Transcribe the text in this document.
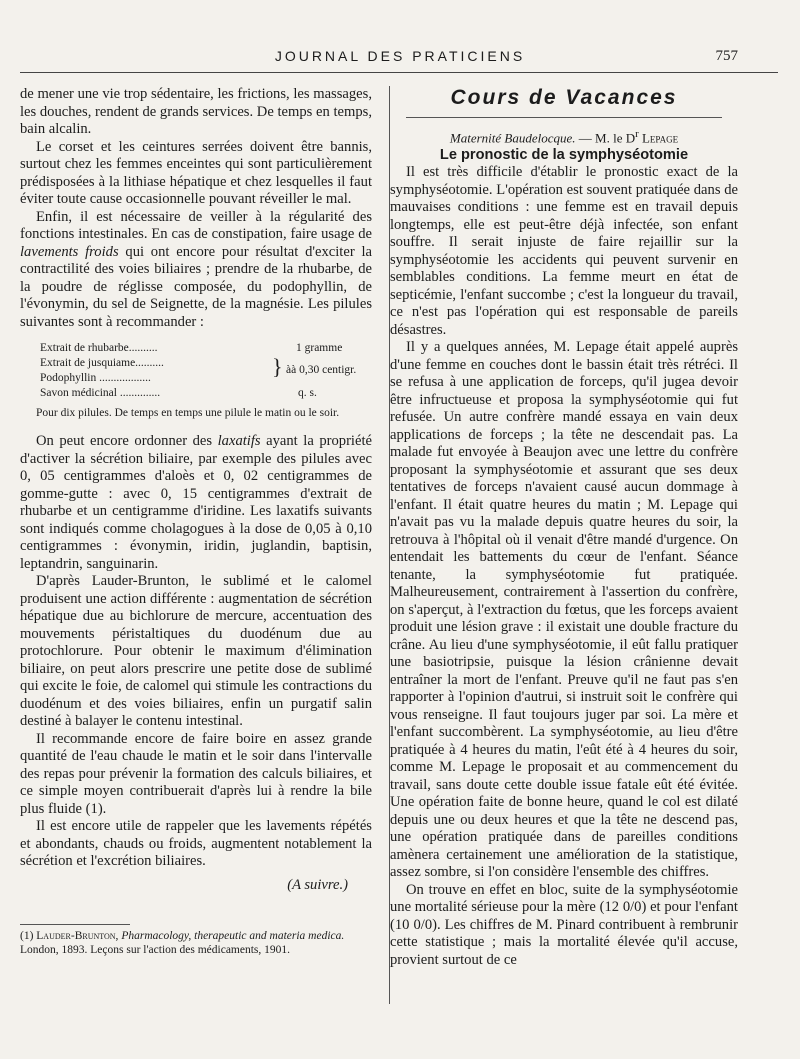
JOURNAL DES PRATICIENS	757

de mener une vie trop sédentaire, les frictions, les massages, les douches, rendent de grands services. De temps en temps, bain alcalin.

Le corset et les ceintures serrées doivent être bannis, surtout chez les femmes enceintes qui sont particulièrement prédisposées à la lithiase hépatique et chez lesquelles il faut éviter toute cause occasionnelle pouvant réveiller le mal.

Enfin, il est nécessaire de veiller à la régularité des fonctions intestinales. En cas de constipation, faire usage de lavements froids qui ont encore pour résultat d'exciter la contractilité des voies biliaires ; prendre de la rhubarbe, de la poudre de réglisse composée, du podophyllin, de l'évonymin, du sel de Seignette, de la magnésie. Les pilules suivantes sont à recommander :

Extrait de rhubarbe..........	1 gramme
Extrait de jusquiame..........
Podophyllin ..................	} àà 0,30 centigr.
Savon médicinal ..............	q. s.

Pour dix pilules. De temps en temps une pilule le matin ou le soir.

On peut encore ordonner des laxatifs ayant la propriété d'activer la sécrétion biliaire, par exemple des pilules avec 0, 05 centigrammes d'aloès et 0, 02 centigrammes de gomme-gutte : avec 0, 15 centigrammes d'extrait de rhubarbe et un centigramme d'iridine. Les laxatifs suivants sont indiqués comme cholagogues à la dose de 0,05 à 0,10 centigrammes : évonymin, iridin, juglandin, baptisin, leptandrin, sanguinarin.

D'après Lauder-Brunton, le sublimé et le calomel produisent une action différente : augmentation de sécrétion hépatique due au bichlorure de mercure, accentuation des mouvements péristaltiques du duodénum due au protochlorure. Pour obtenir le maximum d'élimination biliaire, on peut alors prescrire une petite dose de sublimé qui excite le foie, de calomel qui stimule les contractions du duodénum et des voies biliaires, enfin un purgatif salin destiné à balayer le contenu intestinal.

Il recommande encore de faire boire en assez grande quantité de l'eau chaude le matin et le soir dans l'intervalle des repas pour prévenir la formation des calculs biliaires, et ce simple moyen contribuerait d'après lui à rendre la bile plus fluide (1).

Il est encore utile de rappeler que les lavements répétés et abondants, chauds ou froids, augmentent notablement la sécrétion et l'excrétion biliaires.

(A suivre.)
(1) Lauder-Brunton, Pharmacology, therapeutic and materia medica. London, 1893. Leçons sur l'action des médicaments, 1901.
Cours de Vacances
Maternité Baudelocque. — M. le $D^r$ Lepage
Le pronostic de la symphyséotomie

Il est très difficile d'établir le pronostic exact de la symphyséotomie. L'opération est souvent pratiquée dans de mauvaises conditions : une femme est en travail depuis longtemps, elle est peut-être déjà infectée, son enfant souffre. Il serait injuste de faire rejaillir sur la symphyséotomie les accidents qui peuvent survenir en semblables conditions. La femme meurt en état de septicémie, l'enfant succombe ; c'est la longueur du travail, ce n'est pas l'opération qui est responsable de pareils désastres.

Il y a quelques années, M. Lepage était appelé auprès d'une femme en couches dont le bassin était très rétréci. Il se refusa à une application de forceps, qu'il jugea devoir être infructueuse et proposa la symphyséotomie qui fut refusée. Un autre confrère mandé essaya en vain deux applications de forceps ; la tête ne descendait pas. La malade fut envoyée à Beaujon avec une lettre du confrère proposant la symphyséotomie et assurant que ses deux tentatives de forceps n'avaient causé aucun dommage à l'enfant. Il était quatre heures du matin ; M. Lepage qui n'avait pas vu la malade depuis quatre heures du soir, la retrouva à l'hôpital où il venait d'être mandé d'urgence. On entendait les battements du cœur de l'enfant. Séance tenante, la symphyséotomie fut pratiquée. Malheureusement, contrairement à l'assertion du confrère, on s'aperçut, à l'extraction du fœtus, que les forceps avaient produit une lésion grave : il existait une double fracture du crâne. Au lieu d'une symphyséotomie, il eût fallu pratiquer une basiotripsie, puisque la lésion crânienne devait entraîner la mort de l'enfant. Preuve qu'il ne faut pas s'en rapporter à l'opinion d'autrui, si instruit soit le confrère qui vous renseigne. Il faut toujours juger par soi. La mère et l'enfant succombèrent. La symphyséotomie, au lieu d'être pratiquée à 4 heures du matin, l'eût été à 4 heures du soir, comme M. Lepage le proposait et au commencement du travail, sans doute cette double issue fatale eût été évitée. Une opération faite de bonne heure, quand le col est dilaté depuis une ou deux heures et que la tête ne descend pas, une opération pratiquée dans de pareilles conditions amènera certainement une amélioration de la statistique, assez sombre, si l'on considère l'ensemble des chiffres.

On trouve en effet en bloc, suite de la symphyséotomie une mortalité sérieuse pour la mère (12 0/0) et pour l'enfant (10 0/0). Les chiffres de M. Pinard contribuent à rembrunir cette statistique ; mais la mortalité élevée qu'il accuse, provient surtout de ce
